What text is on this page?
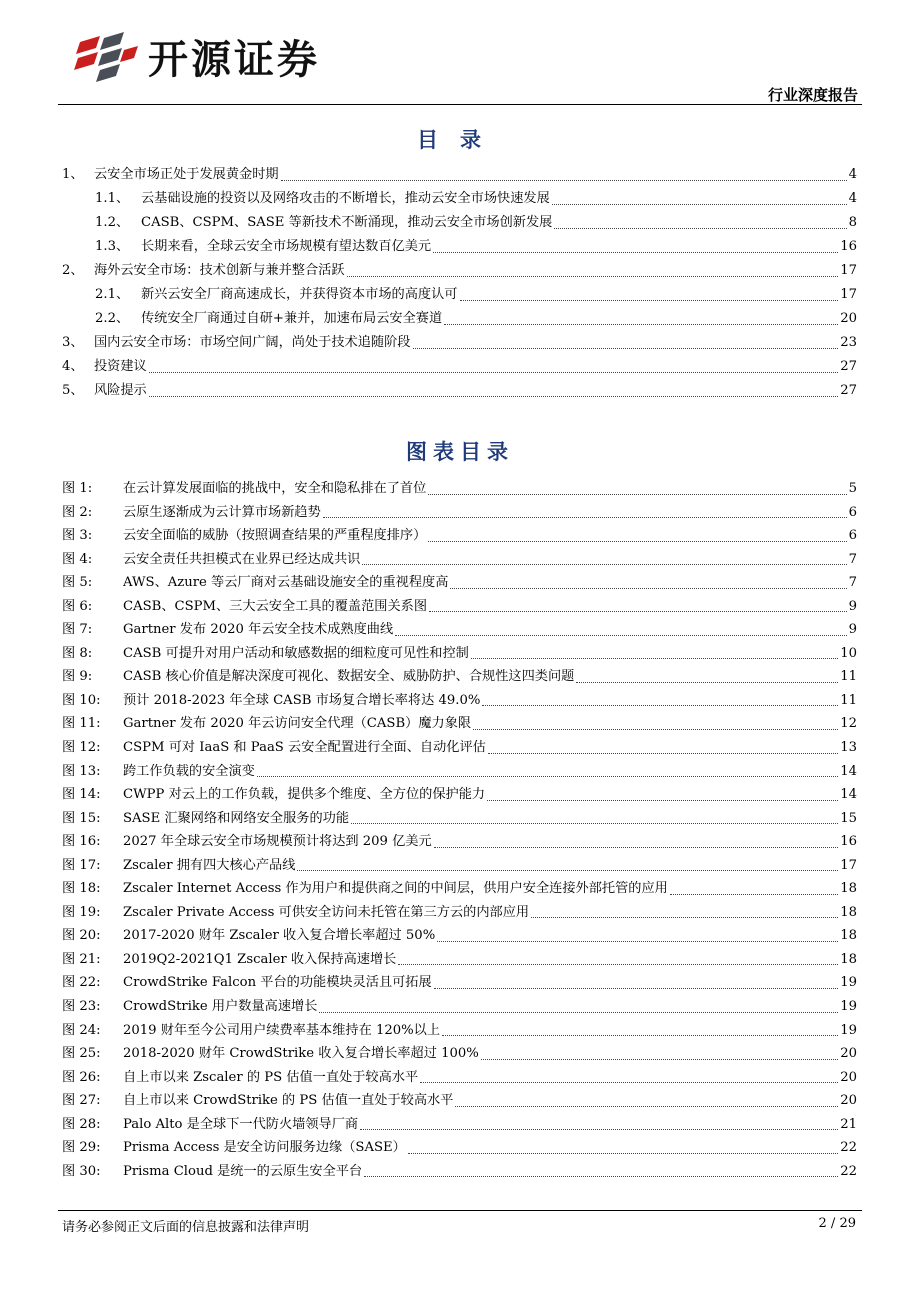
开源证券
行业深度报告
目录
1、 云安全市场正处于发展黄金时期	4
1.1、 云基础设施的投资以及网络攻击的不断增长，推动云安全市场快速发展	4
1.2、 CASB、CSPM、SASE 等新技术不断涌现，推动云安全市场创新发展	8
1.3、 长期来看，全球云安全市场规模有望达数百亿美元	16
2、 海外云安全市场：技术创新与兼并整合活跃	17
2.1、 新兴云安全厂商高速成长，并获得资本市场的高度认可	17
2.2、 传统安全厂商通过自研+兼并，加速布局云安全赛道	20
3、 国内云安全市场：市场空间广阔，尚处于技术追随阶段	23
4、 投资建议	27
5、 风险提示	27
图表目录
图 1:	在云计算发展面临的挑战中，安全和隐私排在了首位	5
图 2:	云原生逐渐成为云计算市场新趋势	6
图 3:	云安全面临的威胁（按照调查结果的严重程度排序）	6
图 4:	云安全责任共担模式在业界已经达成共识	7
图 5:	AWS、Azure 等云厂商对云基础设施安全的重视程度高	7
图 6:	CASB、CSPM、三大云安全工具的覆盖范围关系图	9
图 7:	Gartner 发布 2020 年云安全技术成熟度曲线	9
图 8:	CASB 可提升对用户活动和敏感数据的细粒度可见性和控制	10
图 9:	CASB 核心价值是解决深度可视化、数据安全、威胁防护、合规性这四类问题	11
图 10:	预计 2018-2023 年全球 CASB 市场复合增长率将达 49.0%	11
图 11:	Gartner 发布 2020 年云访问安全代理（CASB）魔力象限	12
图 12:	CSPM 可对 IaaS 和 PaaS 云安全配置进行全面、自动化评估	13
图 13:	跨工作负载的安全演变	14
图 14:	CWPP 对云上的工作负载，提供多个维度、全方位的保护能力	14
图 15:	SASE 汇聚网络和网络安全服务的功能	15
图 16:	2027 年全球云安全市场规模预计将达到 209 亿美元	16
图 17:	Zscaler 拥有四大核心产品线	17
图 18:	Zscaler Internet Access 作为用户和提供商之间的中间层，供用户安全连接外部托管的应用	18
图 19:	Zscaler Private Access 可供安全访问未托管在第三方云的内部应用	18
图 20:	2017-2020 财年 Zscaler 收入复合增长率超过 50%	18
图 21:	2019Q2-2021Q1 Zscaler 收入保持高速增长	18
图 22:	CrowdStrike Falcon 平台的功能模块灵活且可拓展	19
图 23:	CrowdStrike 用户数量高速增长	19
图 24:	2019 财年至今公司用户续费率基本维持在 120%以上	19
图 25:	2018-2020 财年 CrowdStrike 收入复合增长率超过 100%	20
图 26:	自上市以来 Zscaler 的 PS 估值一直处于较高水平	20
图 27:	自上市以来 CrowdStrike 的 PS 估值一直处于较高水平	20
图 28:	Palo Alto 是全球下一代防火墙领导厂商	21
图 29:	Prisma Access 是安全访问服务边缘（SASE）	22
图 30:	Prisma Cloud 是统一的云原生安全平台	22
请务必参阅正文后面的信息披露和法律声明	2 / 29
